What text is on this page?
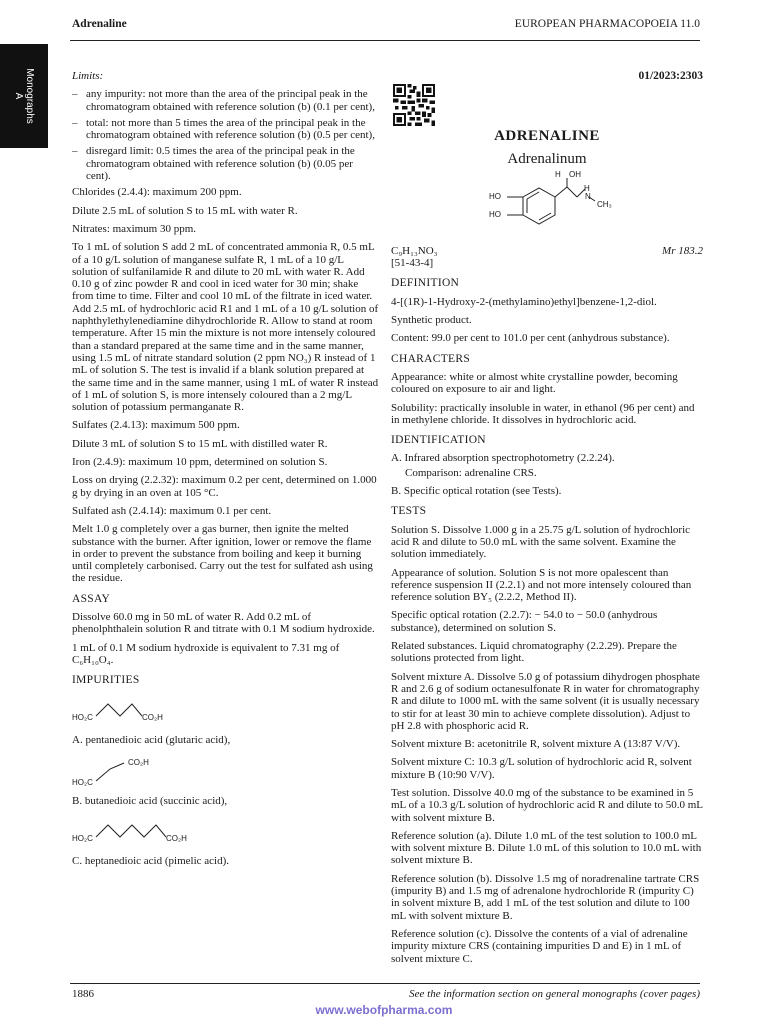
Adrenaline	EUROPEAN PHARMACOPOEIA 11.0
Monographs
A

Limits:

– any impurity: not more than the area of the principal peak in the chromatogram obtained with reference solution (b) (0.1 per cent),
– total: not more than 5 times the area of the principal peak in the chromatogram obtained with reference solution (b) (0.5 per cent),
– disregard limit: 0.5 times the area of the principal peak in the chromatogram obtained with reference solution (b) (0.05 per cent).

Chlorides (2.4.4): maximum 200 ppm.

Dilute 2.5 mL of solution S to 15 mL with water R.

Nitrates: maximum 30 ppm.

To 1 mL of solution S add 2 mL of concentrated ammonia R, 0.5 mL of a 10 g/L solution of manganese sulfate R, 1 mL of a 10 g/L solution of sulfanilamide R and dilute to 20 mL with water R. Add 0.10 g of zinc powder R and cool in iced water for 30 min; shake from time to time. Filter and cool 10 mL of the filtrate in iced water. Add 2.5 mL of hydrochloric acid R1 and 1 mL of a 10 g/L solution of naphthylethylenediamine dihydrochloride R. Allow to stand at room temperature. After 15 min the mixture is not more intensely coloured than a standard prepared at the same time and in the same manner, using 1.5 mL of nitrate standard solution (2 ppm NO₃) R instead of 1 mL of solution S. The test is invalid if a blank solution prepared at the same time and in the same manner, using 1 mL of water R instead of 1 mL of solution S, is more intensely coloured than a 2 mg/L solution of potassium permanganate R.

Sulfates (2.4.13): maximum 500 ppm.

Dilute 3 mL of solution S to 15 mL with distilled water R.

Iron (2.4.9): maximum 10 ppm, determined on solution S.

Loss on drying (2.2.32): maximum 0.2 per cent, determined on 1.000 g by drying in an oven at 105 °C.

Sulfated ash (2.4.14): maximum 0.1 per cent.

Melt 1.0 g completely over a gas burner, then ignite the melted substance with the burner. After ignition, lower or remove the flame in order to prevent the substance from boiling and keep it burning until completely carbonised. Carry out the test for sulfated ash using the residue.

ASSAY

Dissolve 60.0 mg in 50 mL of water R. Add 0.2 mL of phenolphthalein solution R and titrate with 0.1 M sodium hydroxide.

1 mL of 0.1 M sodium hydroxide is equivalent to 7.31 mg of C₆H₁₀O₄.

IMPURITIES
HO₂C	CO₂H

A. pentanedioic acid (glutaric acid),

HO₂C
CO₂H

B. butanedioic acid (succinic acid),

HO₂C	CO₂H

C. heptanedioic acid (pimelic acid).

01/2023:2303
ADRENALINE
Adrenalinum
H OH
HO
HO
H
N
CH₃
C₉H₁₃NO₃	Mr 183.2

[51-43-4]

DEFINITION

4-[(1R)-1-Hydroxy-2-(methylamino)ethyl]benzene-1,2-diol.

Synthetic product.

Content: 99.0 per cent to 101.0 per cent (anhydrous substance).

CHARACTERS

Appearance: white or almost white crystalline powder, becoming coloured on exposure to air and light.

Solubility: practically insoluble in water, in ethanol (96 per cent) and in methylene chloride. It dissolves in hydrochloric acid.

IDENTIFICATION

A. Infrared absorption spectrophotometry (2.2.24).

Comparison: adrenaline CRS.

B. Specific optical rotation (see Tests).

TESTS

Solution S. Dissolve 1.000 g in a 25.75 g/L solution of hydrochloric acid R and dilute to 50.0 mL with the same solvent. Examine the solution immediately.

Appearance of solution. Solution S is not more opalescent than reference suspension II (2.2.1) and not more intensely coloured than reference solution BY₅ (2.2.2, Method II).

Specific optical rotation (2.2.7): − 54.0 to − 50.0 (anhydrous substance), determined on solution S.

Related substances. Liquid chromatography (2.2.29). Prepare the solutions protected from light.

Solvent mixture A. Dissolve 5.0 g of potassium dihydrogen phosphate R and 2.6 g of sodium octanesulfonate R in water for chromatography R and dilute to 1000 mL with the same solvent (it is usually necessary to stir for at least 30 min to achieve complete dissolution). Adjust to pH 2.8 with phosphoric acid R.

Solvent mixture B: acetonitrile R, solvent mixture A (13:87 V/V).

Solvent mixture C: 10.3 g/L solution of hydrochloric acid R, solvent mixture B (10:90 V/V).

Test solution. Dissolve 40.0 mg of the substance to be examined in 5 mL of a 10.3 g/L solution of hydrochloric acid R and dilute to 50.0 mL with solvent mixture B.

Reference solution (a). Dilute 1.0 mL of the test solution to 100.0 mL with solvent mixture B. Dilute 1.0 mL of this solution to 10.0 mL with solvent mixture B.

Reference solution (b). Dissolve 1.5 mg of noradrenaline tartrate CRS (impurity B) and 1.5 mg of adrenalone hydrochloride R (impurity C) in solvent mixture B, add 1 mL of the test solution and dilute to 100 mL with solvent mixture B.

Reference solution (c). Dissolve the contents of a vial of adrenaline impurity mixture CRS (containing impurities D and E) in 1 mL of solvent mixture C.

1886	See the information section on general monographs (cover pages)
www.webofpharma.com
